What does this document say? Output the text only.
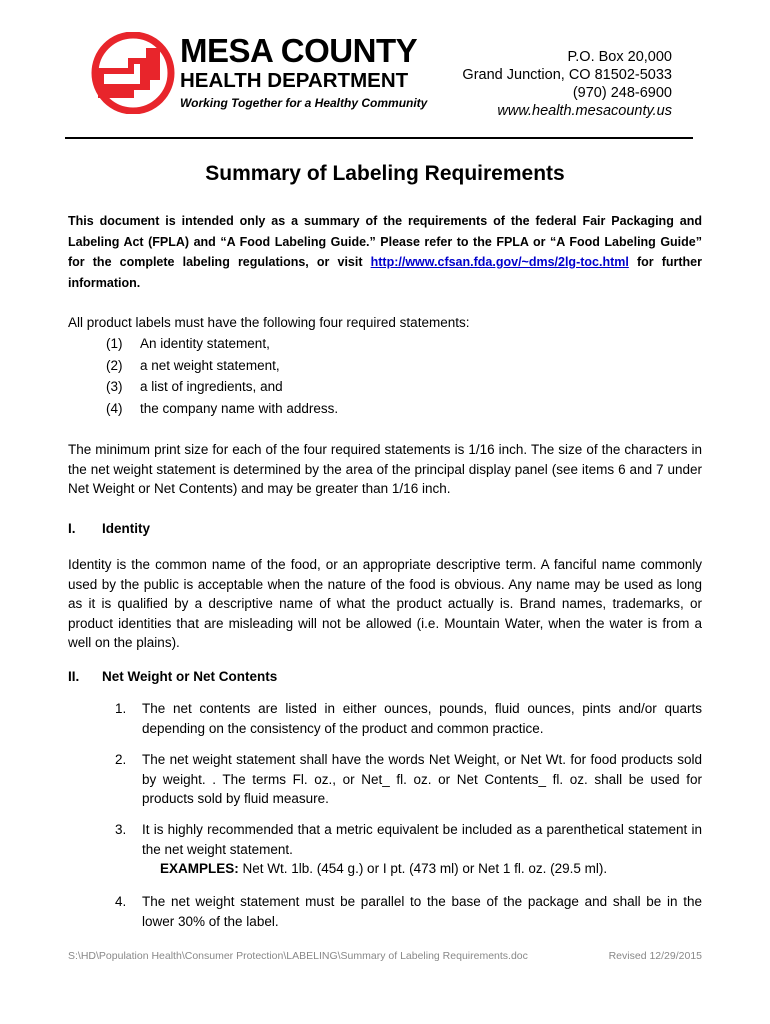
MESA COUNTY
HEALTH DEPARTMENT
Working Together for a Healthy Community
P.O. Box 20,000
Grand Junction, CO 81502-5033
(970) 248-6900
www.health.mesacounty.us
Summary of Labeling Requirements
This document is intended only as a summary of the requirements of the federal Fair Packaging and Labeling Act (FPLA) and “A Food Labeling Guide.” Please refer to the FPLA or “A Food Labeling Guide” for the complete labeling regulations, or visit http://www.cfsan.fda.gov/~dms/2lg-toc.html for further information.
All product labels must have the following four required statements:
(1) An identity statement,
(2) a net weight statement,
(3) a list of ingredients, and
(4) the company name with address.
The minimum print size for each of the four required statements is 1/16 inch. The size of the characters in the net weight statement is determined by the area of the principal display panel (see items 6 and 7 under Net Weight or Net Contents) and may be greater than 1/16 inch.
I. Identity
Identity is the common name of the food, or an appropriate descriptive term. A fanciful name commonly used by the public is acceptable when the nature of the food is obvious. Any name may be used as long as it is qualified by a descriptive name of what the product actually is. Brand names, trademarks, or product identities that are misleading will not be allowed (i.e. Mountain Water, when the water is from a well on the plains).
II. Net Weight or Net Contents
1. The net contents are listed in either ounces, pounds, fluid ounces, pints and/or quarts depending on the consistency of the product and common practice.
2. The net weight statement shall have the words Net Weight, or Net Wt. for food products sold by weight. . The terms Fl. oz., or Net_ fl. oz. or Net Contents_ fl. oz. shall be used for products sold by fluid measure.
3. It is highly recommended that a metric equivalent be included as a parenthetical statement in the net weight statement.
EXAMPLES: Net Wt. 1lb. (454 g.) or I pt. (473 ml) or Net 1 fl. oz. (29.5 ml).
4. The net weight statement must be parallel to the base of the package and shall be in the lower 30% of the label.
S:\HD\Population Health\Consumer Protection\LABELING\Summary of Labeling Requirements.doc	Revised 12/29/2015
